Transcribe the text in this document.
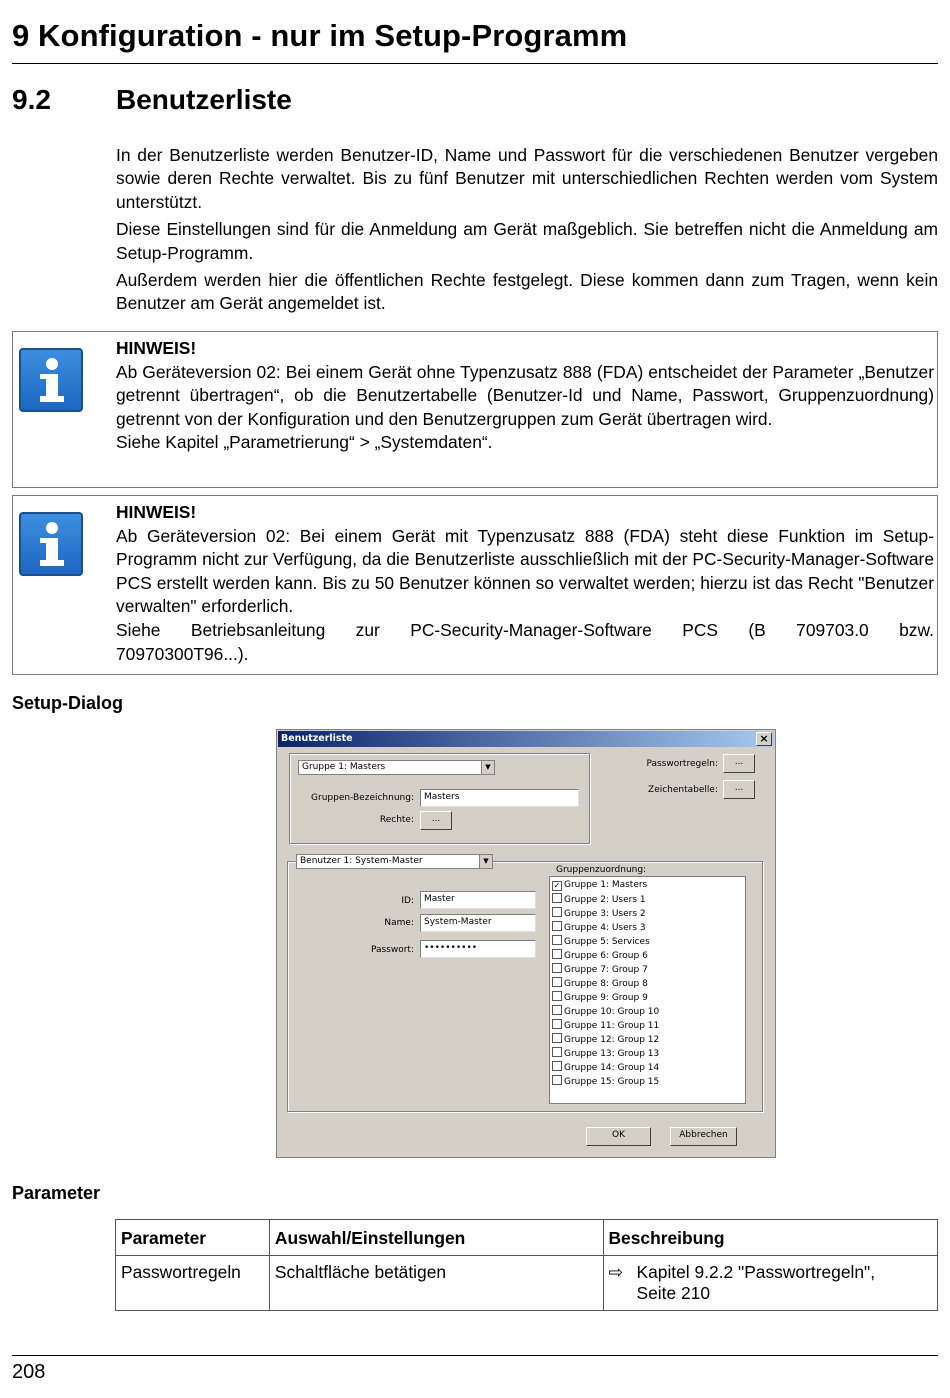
9 Konfiguration - nur im Setup-Programm
9.2 Benutzerliste

In der Benutzerliste werden Benutzer-ID, Name und Passwort für die verschiedenen Benutzer vergeben sowie deren Rechte verwaltet. Bis zu fünf Benutzer mit unterschiedlichen Rechten werden vom System unterstützt.

Diese Einstellungen sind für die Anmeldung am Gerät maßgeblich. Sie betreffen nicht die Anmeldung am Setup-Programm.

Außerdem werden hier die öffentlichen Rechte festgelegt. Diese kommen dann zum Tragen, wenn kein Benutzer am Gerät angemeldet ist.

HINWEIS!
Ab Geräteversion 02: Bei einem Gerät ohne Typenzusatz 888 (FDA) entscheidet der Parameter „Benutzer getrennt übertragen“, ob die Benutzertabelle (Benutzer-Id und Name, Passwort, Gruppenzuordnung) getrennt von der Konfiguration und den Benutzergruppen zum Gerät übertragen wird.
Siehe Kapitel „Parametrierung“ > „Systemdaten“.
HINWEIS!
Ab Geräteversion 02: Bei einem Gerät mit Typenzusatz 888 (FDA) steht diese Funktion im Setup-Programm nicht zur Verfügung, da die Benutzerliste ausschließlich mit der PC-Security-Manager-Software PCS erstellt werden kann. Bis zu 50 Benutzer können so verwaltet werden; hierzu ist das Recht "Benutzer verwalten" erforderlich.
Siehe Betriebsanleitung zur PC-Security-Manager-Software PCS (B 709703.0 bzw.
70970300T96...).
Setup-Dialog
Benutzerliste	×
Gruppe 1: Masters	▼
Gruppen-Bezeichnung:	Masters
Rechte:	...
Passwortregeln:	...
Zeichentabelle:	...
Benutzer 1: System-Master	▼
ID:	Master
Name:	System-Master
Passwort:	••••••••••
Gruppenzuordnung:
✓ Gruppe 1: Masters
Gruppe 2: Users 1
Gruppe 3: Users 2
Gruppe 4: Users 3
Gruppe 5: Services
Gruppe 6: Group 6
Gruppe 7: Group 7
Gruppe 8: Group 8
Gruppe 9: Group 9
Gruppe 10: Group 10
Gruppe 11: Group 11
Gruppe 12: Group 12
Gruppe 13: Group 13
Gruppe 14: Group 14
Gruppe 15: Group 15
OK	Abbrechen
Parameter
Parameter	Auswahl/Einstellungen	Beschreibung
Passwortregeln	Schaltfläche betätigen	⇨ Kapitel 9.2.2 "Passwortregeln",
Seite 210
208
